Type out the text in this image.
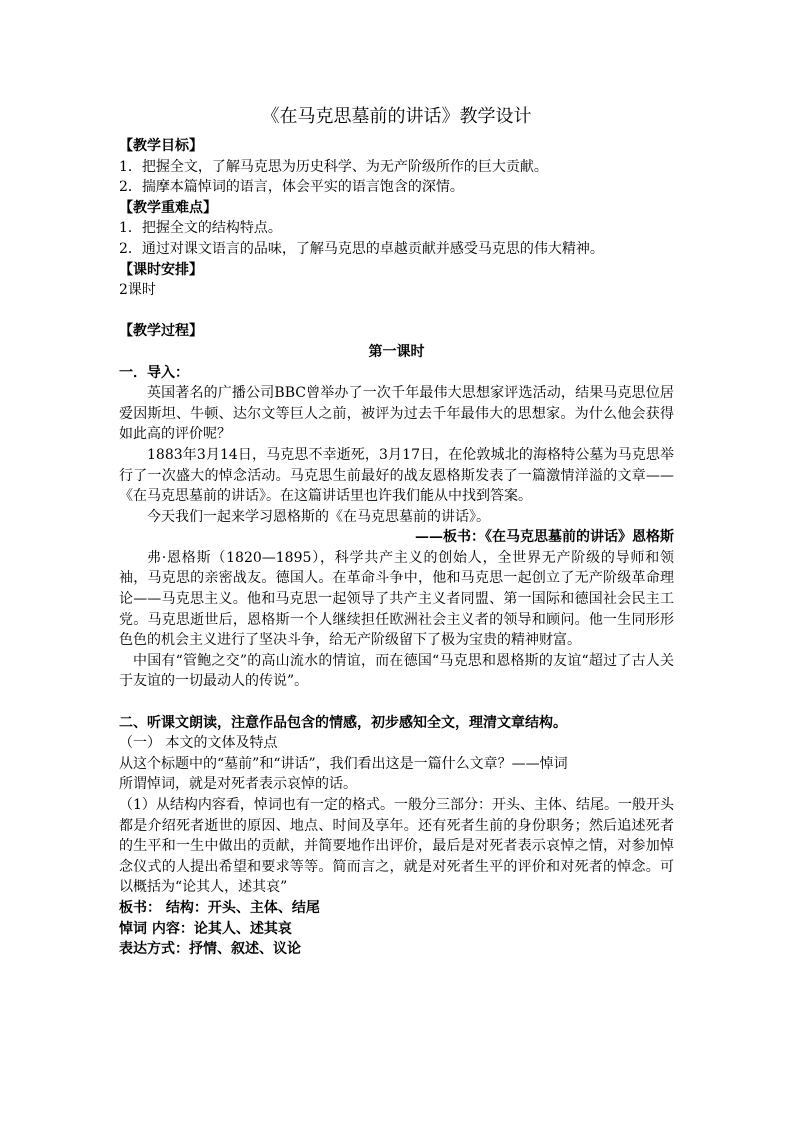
《在马克思墓前的讲话》教学设计

【教学目标】

1．把握全文，了解马克思为历史科学、为无产阶级所作的巨大贡献。

2．揣摩本篇悼词的语言，体会平实的语言饱含的深情。

【教学重难点】

1．把握全文的结构特点。

2．通过对课文语言的品味，了解马克思的卓越贡献并感受马克思的伟大精神。

【课时安排】

2课时

【教学过程】

第一课时

一．导入：

英国著名的广播公司BBC曾举办了一次千年最伟大思想家评选活动，结果马克思位居爱因斯坦、牛顿、达尔文等巨人之前，被评为过去千年最伟大的思想家。为什么他会获得如此高的评价呢？

1883年3月14日，马克思不幸逝死，3月17日，在伦敦城北的海格特公墓为马克思举行了一次盛大的悼念活动。马克思生前最好的战友恩格斯发表了一篇激情洋溢的文章——《在马克思墓前的讲话》。在这篇讲话里也许我们能从中找到答案。

今天我们一起来学习恩格斯的《在马克思墓前的讲话》。

——板书：《在马克思墓前的讲话》恩格斯

弗·恩格斯（1820—1895），科学共产主义的创始人，全世界无产阶级的导师和领袖，马克思的亲密战友。德国人。在革命斗争中，他和马克思一起创立了无产阶级革命理论——马克思主义。他和马克思一起领导了共产主义者同盟、第一国际和德国社会民主工党。马克思逝世后，恩格斯一个人继续担任欧洲社会主义者的领导和顾问。他一生同形形色色的机会主义进行了坚决斗争，给无产阶级留下了极为宝贵的精神财富。

中国有“管鲍之交”的高山流水的情谊，而在德国“马克思和恩格斯的友谊“超过了古人关于友谊的一切最动人的传说”。

二、听课文朗读，注意作品包含的情感，初步感知全文，理清文章结构。

（一） 本文的文体及特点

从这个标题中的“墓前”和“讲话”，我们看出这是一篇什么文章？——悼词

所谓悼词，就是对死者表示哀悼的话。

（1）从结构内容看，悼词也有一定的格式。一般分三部分：开头、主体、结尾。一般开头都是介绍死者逝世的原因、地点、时间及享年。还有死者生前的身份职务；然后追述死者的生平和一生中做出的贡献，并简要地作出评价，最后是对死者表示哀悼之情，对参加悼念仪式的人提出希望和要求等等。简而言之，就是对死者生平的评价和对死者的悼念。可以概括为“论其人，述其哀”

板书： 结构：开头、主体、结尾

悼词 内容：论其人、述其哀

表达方式：抒情、叙述、议论
